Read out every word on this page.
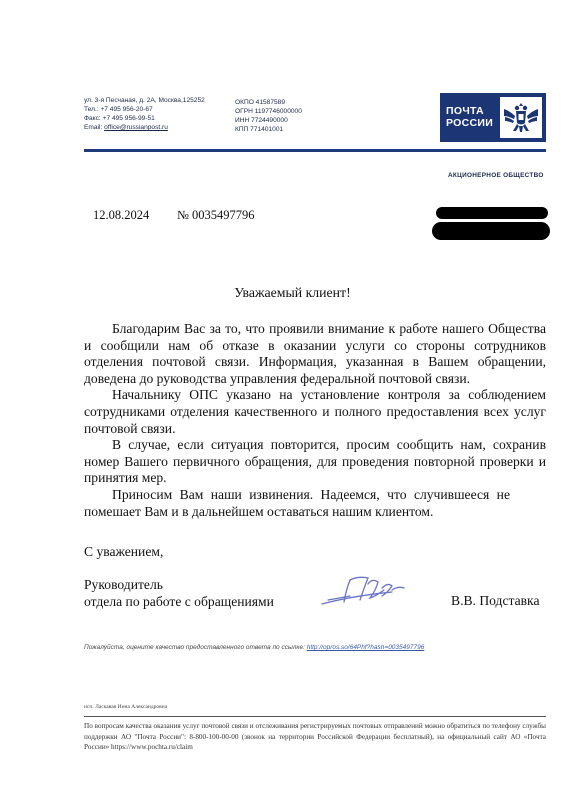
ул. 3-я Песчаная, д. 2А, Москва,125252
Тел.: +7 495 956-20-67
Факс: +7 495 956-99-51
Email: office@russianpost.ru
ОКПО 41587589
ОГРН 1197746000000
ИНН 7724490000
КПП 771401001
ПОЧТА
РОССИИ
АКЦИОНЕРНОЕ ОБЩЕСТВО
12.08.2024 № 0035497796
Уважаемый клиент!

Благодарим Вас за то, что проявили внимание к работе нашего Общества и сообщили нам об отказе в оказании услуги со стороны сотрудников отделения почтовой связи. Информация, указанная в Вашем обращении, доведена до руководства управления федеральной почтовой связи.

Начальнику ОПС указано на установление контроля за соблюдением сотрудниками отделения качественного и полного предоставления всех услуг почтовой связи.

В случае, если ситуация повторится, просим сообщить нам, сохранив номер Вашего первичного обращения, для проведения повторной проверки и принятия мер.

Приносим Вам наши извинения. Надеемся, что случившееся не помешает Вам и в дальнейшем оставаться нашим клиентом.

С уважением,
Руководитель
отдела по работе с обращениями	В.В. Подставка
Пожалуйста, оцените качество предоставленного ответа по ссылке: http://opros.so/64Phf?hash=0035497796
исп. Ласкавая Инна Александровна
По вопросам качества оказания услуг почтовой связи и отслеживания регистрируемых почтовых отправлений можно обратиться по телефону службы поддержки АО "Почта России": 8-800-100-00-00 (звонок на территории Российской Федерации бесплатный), на официальный сайт АО «Почта России» https://www.pochta.ru/claim
